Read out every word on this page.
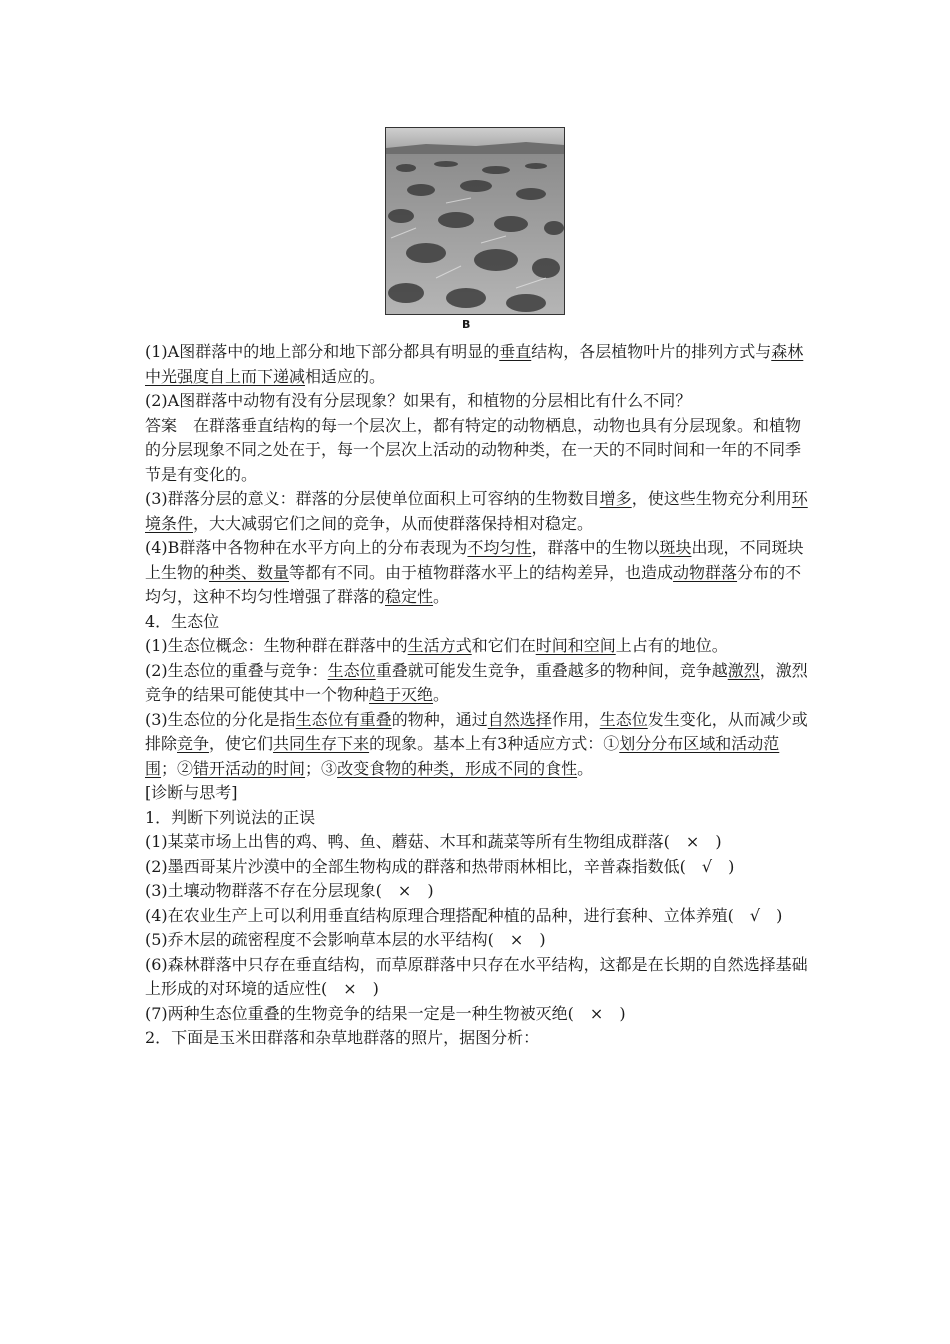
B

(1)A图群落中的地上部分和地下部分都具有明显的垂直结构，各层植物叶片的排列方式与森林中光强度自上而下递减相适应的。

(2)A图群落中动物有没有分层现象？如果有，和植物的分层相比有什么不同？

答案 在群落垂直结构的每一个层次上，都有特定的动物栖息，动物也具有分层现象。和植物的分层现象不同之处在于，每一个层次上活动的动物种类，在一天的不同时间和一年的不同季节是有变化的。

(3)群落分层的意义：群落的分层使单位面积上可容纳的生物数目增多，使这些生物充分利用环境条件，大大减弱它们之间的竞争，从而使群落保持相对稳定。

(4)B群落中各物种在水平方向上的分布表现为不均匀性，群落中的生物以斑块出现，不同斑块上生物的种类、数量等都有不同。由于植物群落水平上的结构差异，也造成动物群落分布的不均匀，这种不均匀性增强了群落的稳定性。

4．生态位

(1)生态位概念：生物种群在群落中的生活方式和它们在时间和空间上占有的地位。

(2)生态位的重叠与竞争：生态位重叠就可能发生竞争，重叠越多的物种间，竞争越激烈，激烈竞争的结果可能使其中一个物种趋于灭绝。

(3)生态位的分化是指生态位有重叠的物种，通过自然选择作用，生态位发生变化，从而减少或排除竞争，使它们共同生存下来的现象。基本上有3种适应方式：①划分分布区域和活动范围；②错开活动的时间；③改变食物的种类，形成不同的食性。

[诊断与思考]

1．判断下列说法的正误

(1)某菜市场上出售的鸡、鸭、鱼、蘑菇、木耳和蔬菜等所有生物组成群落(　×　)

(2)墨西哥某片沙漠中的全部生物构成的群落和热带雨林相比，辛普森指数低(　√　)

(3)土壤动物群落不存在分层现象(　×　)

(4)在农业生产上可以利用垂直结构原理合理搭配种植的品种，进行套种、立体养殖(　√　)

(5)乔木层的疏密程度不会影响草本层的水平结构(　×　)

(6)森林群落中只存在垂直结构，而草原群落中只存在水平结构，这都是在长期的自然选择基础上形成的对环境的适应性(　×　)

(7)两种生态位重叠的生物竞争的结果一定是一种生物被灭绝(　×　)

2．下面是玉米田群落和杂草地群落的照片，据图分析：
